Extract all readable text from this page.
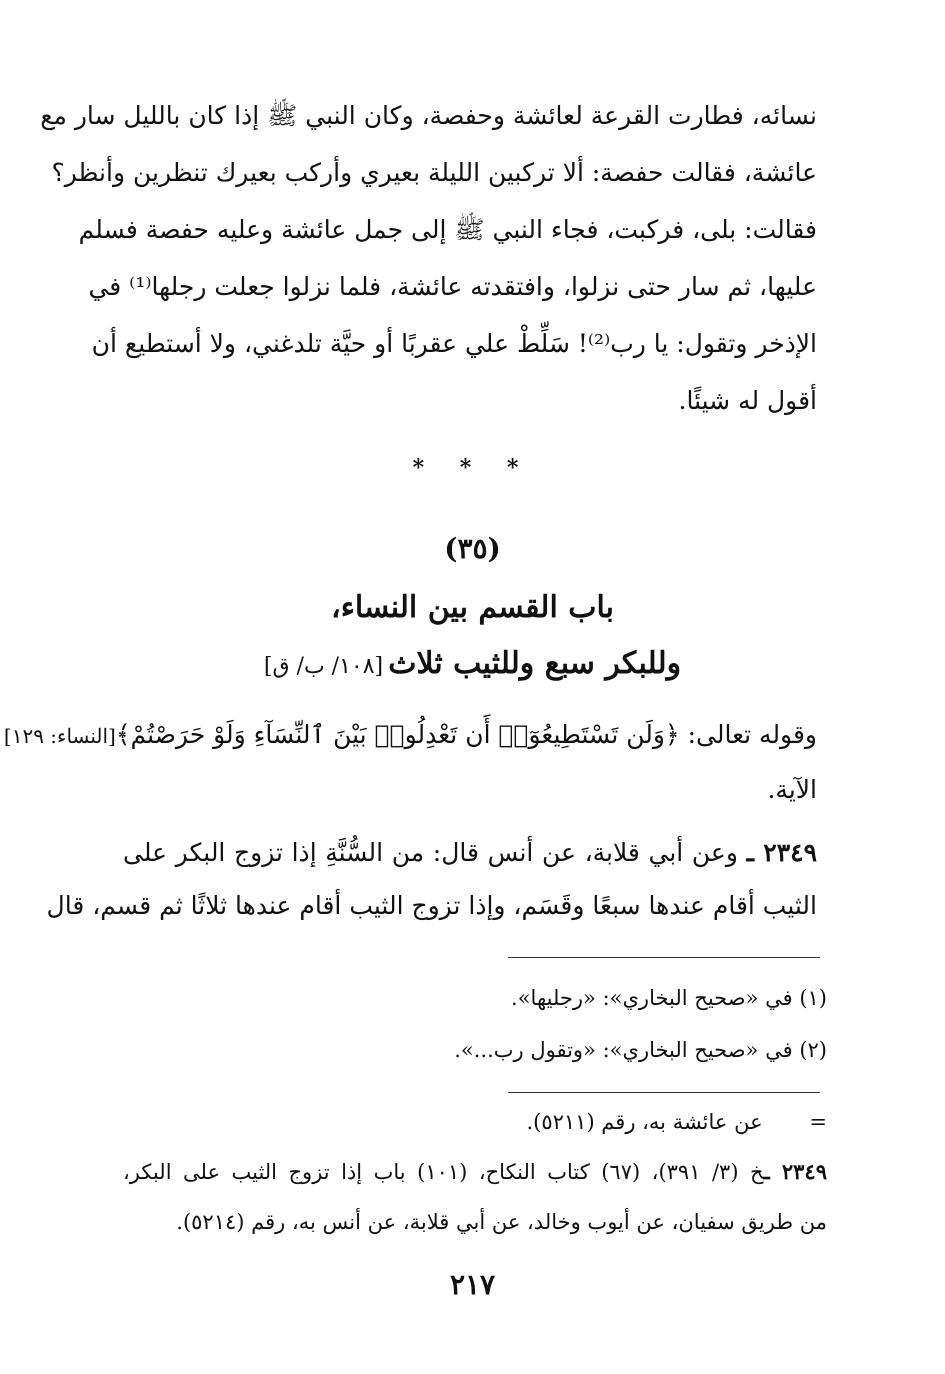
نسائه، فطارت القرعة لعائشة وحفصة، وكان النبي ﷺ إذا كان بالليل سار مع
عائشة، فقالت حفصة: ألا تركبين الليلة بعيري وأركب بعيرك تنظرين وأنظر؟
فقالت: بلى، فركبت، فجاء النبي ﷺ إلى جمل عائشة وعليه حفصة فسلم
عليها، ثم سار حتى نزلوا، وافتقدته عائشة، فلما نزلوا جعلت رجلها⁽¹⁾ في
الإذخر وتقول: يا رب⁽²⁾! سَلِّطْ علي عقربًا أو حيَّة تلدغني، ولا أستطيع أن
أقول له شيئًا.
* * *
(٣٥)
باب القسم بين النساء،
وللبكر سبع وللثيب ثلاث [١٠٨/ ب/ ق]
وقوله تعالى: ﴿وَلَن تَسْتَطِيعُوٓا۟ أَن تَعْدِلُوا۟ بَيْنَ ٱلنِّسَآءِ وَلَوْ حَرَصْتُمْ﴾[النساء: ١٢٩]
الآية.
٢٣٤٩ ـ وعن أبي قلابة، عن أنس قال: من السُّنَّةِ إذا تزوج البكر على
الثيب أقام عندها سبعًا وقَسَم، وإذا تزوج الثيب أقام عندها ثلاثًا ثم قسم، قال
(١) في «صحيح البخاري»: «رجليها».
(٢) في «صحيح البخاري»: «وتقول رب...».
=       عن عائشة به، رقم (٥٢١١).
٢٣٤٩ ـخ (٣/ ٣٩١)، (٦٧) كتاب النكاح، (١٠١) باب إذا تزوج الثيب على البكر،
من طريق سفيان، عن أيوب وخالد، عن أبي قلابة، عن أنس به، رقم (٥٢١٤).
٢١٧
